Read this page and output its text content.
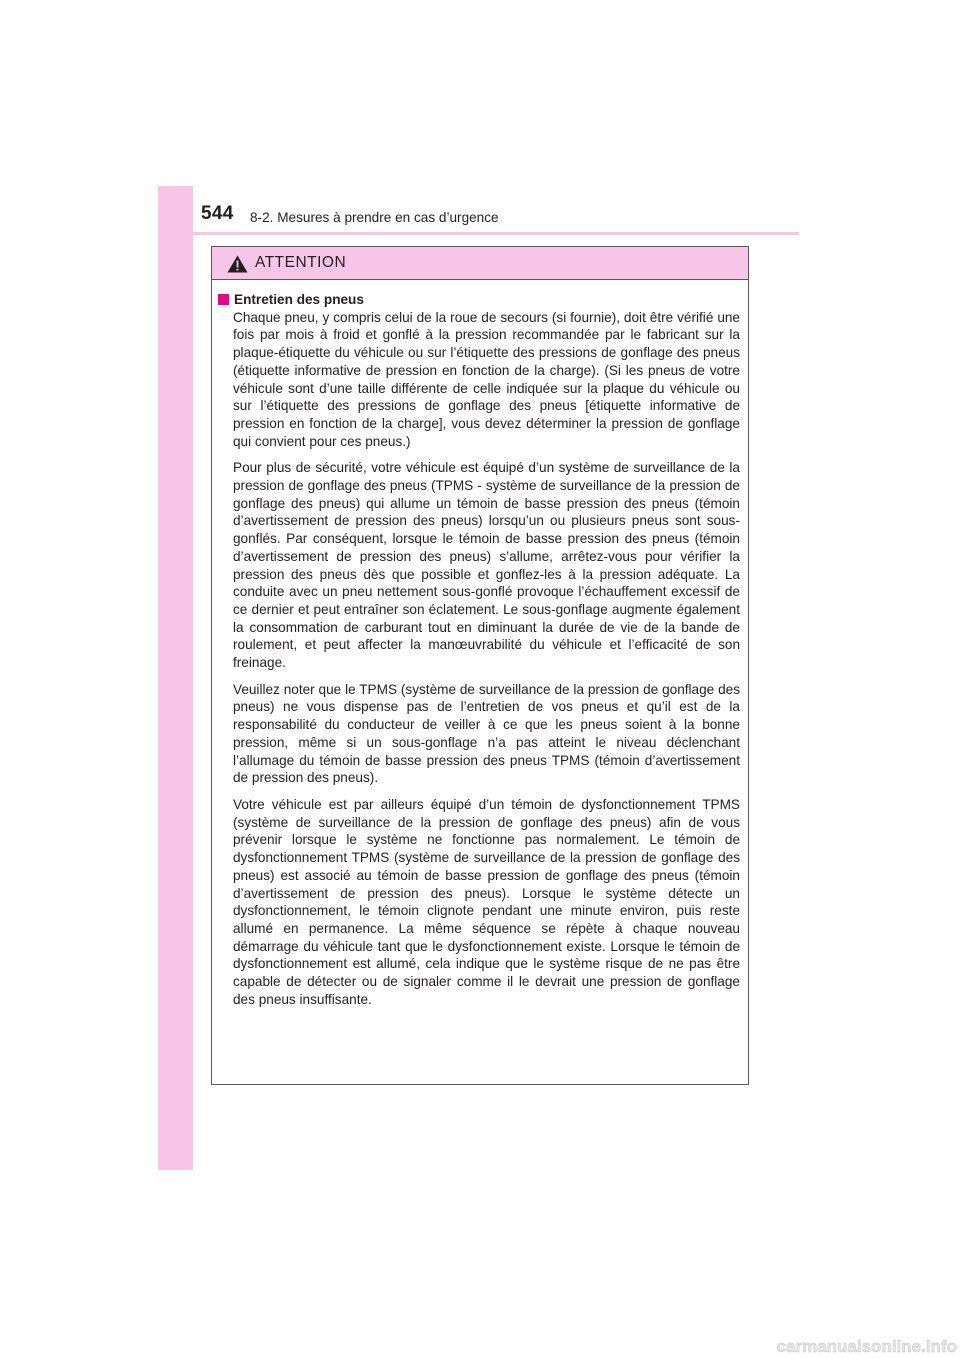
544 8-2. Mesures à prendre en cas d’urgence
ATTENTION

Entretien des pneus

Chaque pneu, y compris celui de la roue de secours (si fournie), doit être vérifié une fois par mois à froid et gonflé à la pression recommandée par le fabricant sur la plaque-étiquette du véhicule ou sur l’étiquette des pressions de gonflage des pneus (étiquette informative de pression en fonction de la charge). (Si les pneus de votre véhicule sont d’une taille différente de celle indiquée sur la plaque du véhicule ou sur l’étiquette des pressions de gonflage des pneus [étiquette informative de pression en fonction de la charge], vous devez déterminer la pression de gonflage qui convient pour ces pneus.)

Pour plus de sécurité, votre véhicule est équipé d’un système de surveillance de la pression de gonflage des pneus (TPMS - système de surveillance de la pression de gonflage des pneus) qui allume un témoin de basse pression des pneus (témoin d’avertissement de pression des pneus) lorsqu’un ou plusieurs pneus sont sous-gonflés. Par conséquent, lorsque le témoin de basse pression des pneus (témoin d’avertissement de pression des pneus) s’allume, arrêtez-vous pour vérifier la pression des pneus dès que possible et gonflez-les à la pression adéquate. La conduite avec un pneu nettement sous-gonflé provoque l’échauffement excessif de ce dernier et peut entraîner son éclatement. Le sous-gonflage augmente également la consommation de carburant tout en diminuant la durée de vie de la bande de roulement, et peut affecter la manœuvrabilité du véhicule et l’efficacité de son freinage.

Veuillez noter que le TPMS (système de surveillance de la pression de gonflage des pneus) ne vous dispense pas de l’entretien de vos pneus et qu’il est de la responsabilité du conducteur de veiller à ce que les pneus soient à la bonne pression, même si un sous-gonflage n’a pas atteint le niveau déclenchant l’allumage du témoin de basse pression des pneus TPMS (témoin d’avertissement de pression des pneus).

Votre véhicule est par ailleurs équipé d’un témoin de dysfonctionnement TPMS (système de surveillance de la pression de gonflage des pneus) afin de vous prévenir lorsque le système ne fonctionne pas normalement. Le témoin de dysfonctionnement TPMS (système de surveillance de la pression de gonflage des pneus) est associé au témoin de basse pression de gonflage des pneus (témoin d’avertissement de pression des pneus). Lorsque le système détecte un dysfonctionnement, le témoin clignote pendant une minute environ, puis reste allumé en permanence. La même séquence se répète à chaque nouveau démarrage du véhicule tant que le dysfonctionnement existe. Lorsque le témoin de dysfonctionnement est allumé, cela indique que le système risque de ne pas être capable de détecter ou de signaler comme il le devrait une pression de gonflage des pneus insuffisante.

carmanualsonline.info
